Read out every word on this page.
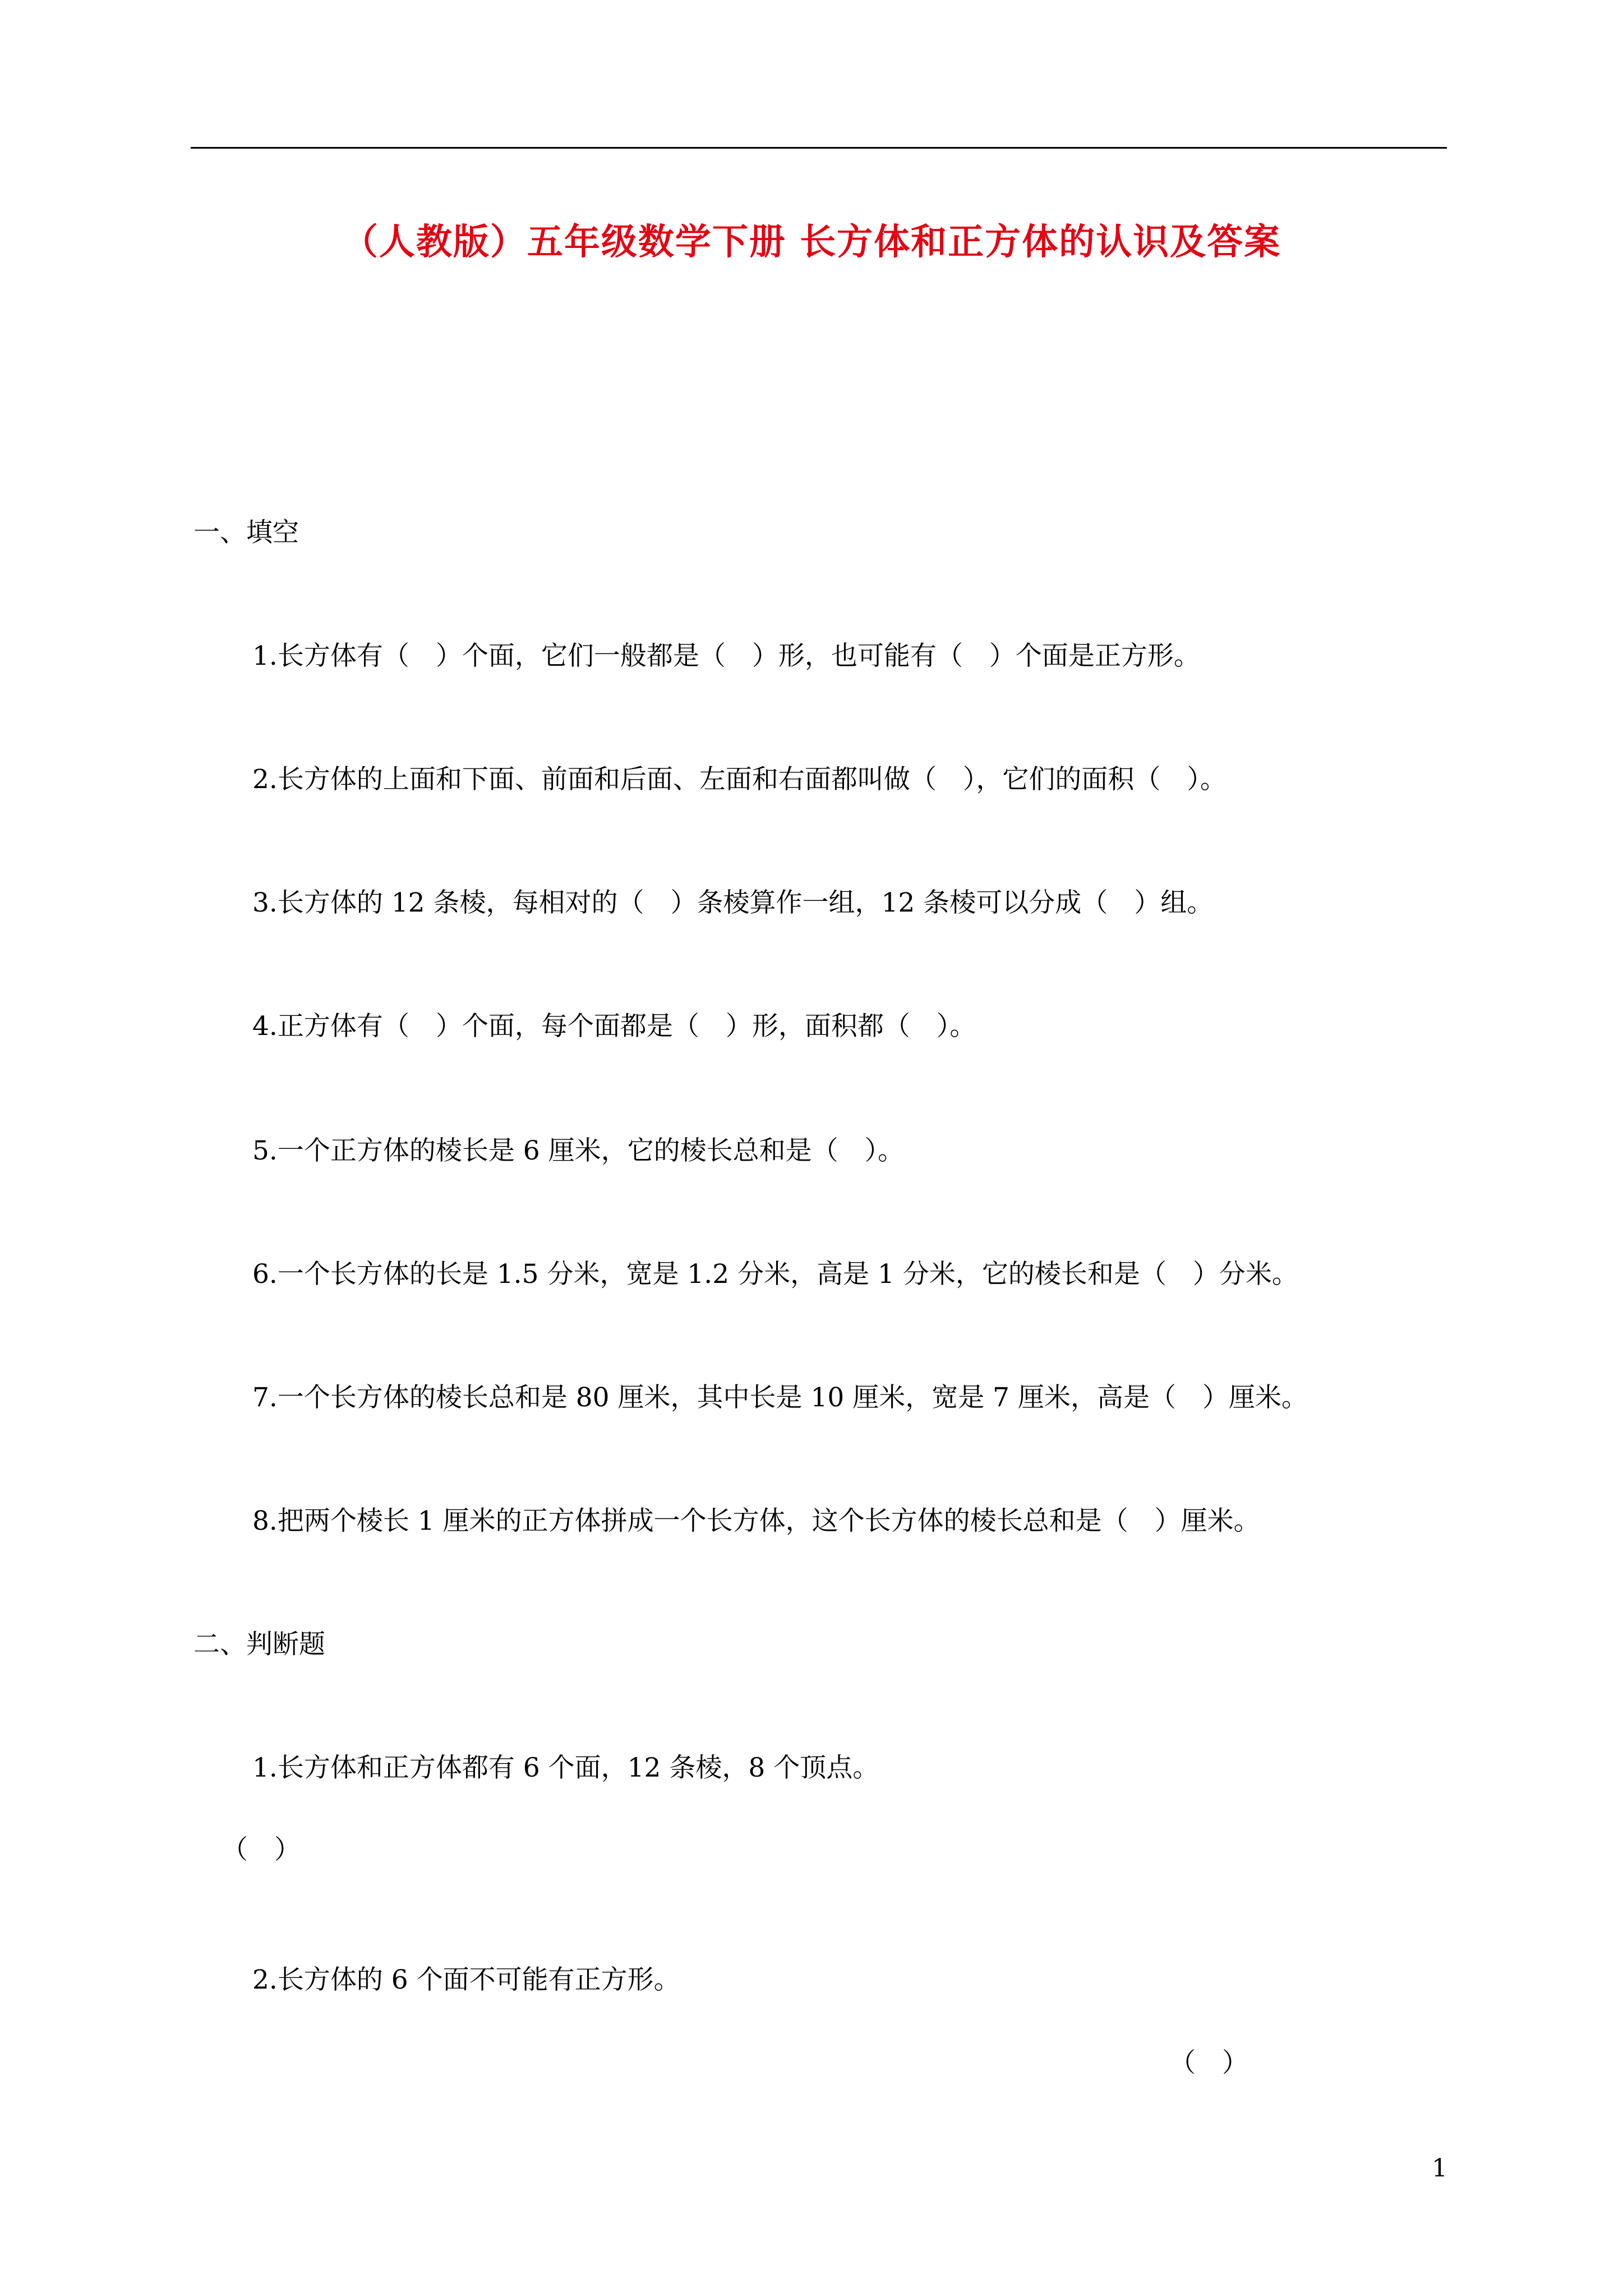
（人教版）五年级数学下册 长方体和正方体的认识及答案
一、填空
1.长方体有（　）个面，它们一般都是（　）形，也可能有（　）个面是正方形。
2.长方体的上面和下面、前面和后面、左面和右面都叫做（　），它们的面积（　）。
3.长方体的 12 条棱，每相对的（　）条棱算作一组，12 条棱可以分成（　）组。
4.正方体有（　）个面，每个面都是（　）形，面积都（　）。
5.一个正方体的棱长是 6 厘米，它的棱长总和是（　）。
6.一个长方体的长是 1.5 分米，宽是 1.2 分米，高是 1 分米，它的棱长和是（　）分米。
7.一个长方体的棱长总和是 80 厘米，其中长是 10 厘米，宽是 7 厘米，高是（　）厘米。
8.把两个棱长 1 厘米的正方体拼成一个长方体，这个长方体的棱长总和是（　）厘米。
二、判断题
1.长方体和正方体都有 6 个面，12 条棱，8 个顶点。
（　）
2.长方体的 6 个面不可能有正方形。
（　）
1
